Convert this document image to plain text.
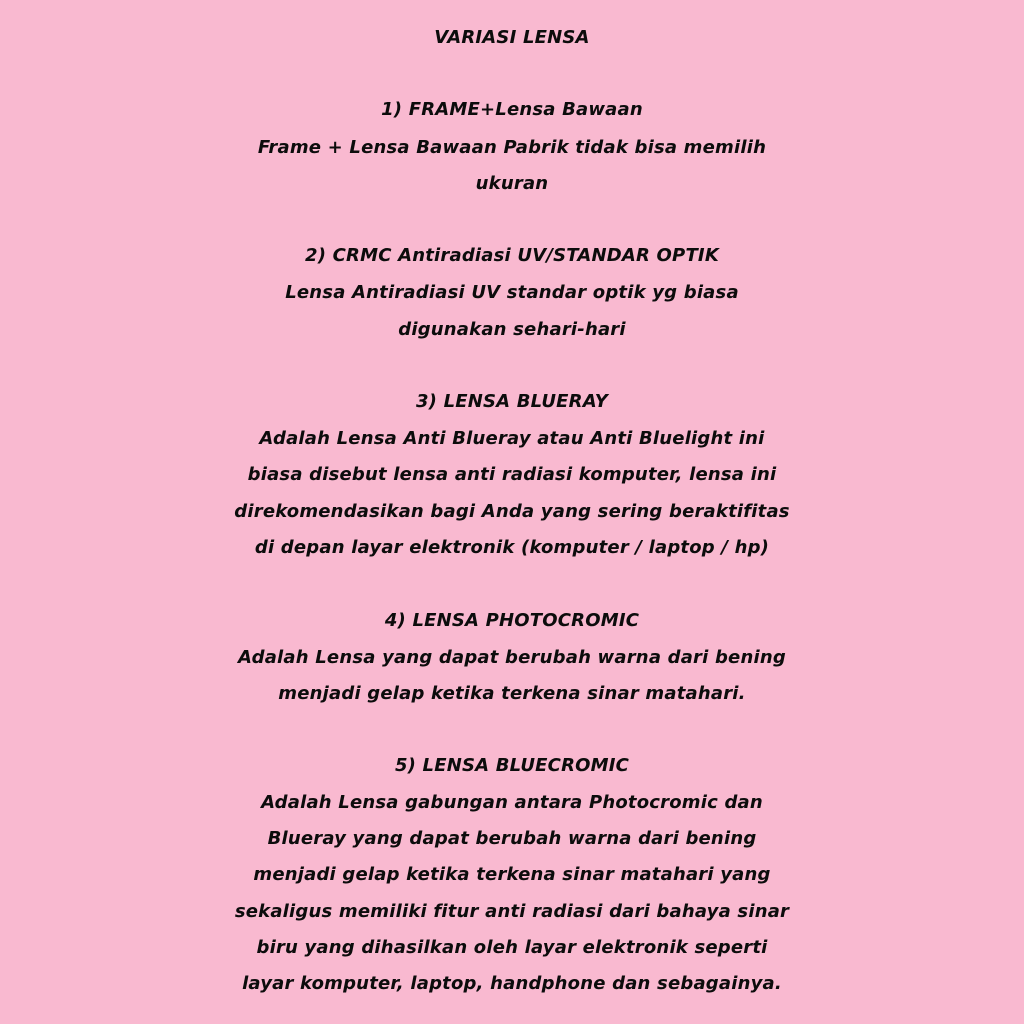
VARIASI LENSA
1) FRAME+Lensa Bawaan
Frame + Lensa Bawaan Pabrik tidak bisa memilih
ukuran
2) CRMC Antiradiasi UV/STANDAR OPTIK
Lensa Antiradiasi UV standar optik yg biasa
digunakan sehari-hari
3) LENSA BLUERAY
Adalah Lensa Anti Blueray atau Anti Bluelight ini
biasa disebut lensa anti radiasi komputer, lensa ini
direkomendasikan bagi Anda yang sering beraktifitas
di depan layar elektronik (komputer / laptop / hp)
4) LENSA PHOTOCROMIC
Adalah Lensa yang dapat berubah warna dari bening
menjadi gelap ketika terkena sinar matahari.
5) LENSA BLUECROMIC
Adalah Lensa gabungan antara Photocromic dan
Blueray yang dapat berubah warna dari bening
menjadi gelap ketika terkena sinar matahari yang
sekaligus memiliki fitur anti radiasi dari bahaya sinar
biru yang dihasilkan oleh layar elektronik seperti
layar komputer, laptop, handphone dan sebagainya.
